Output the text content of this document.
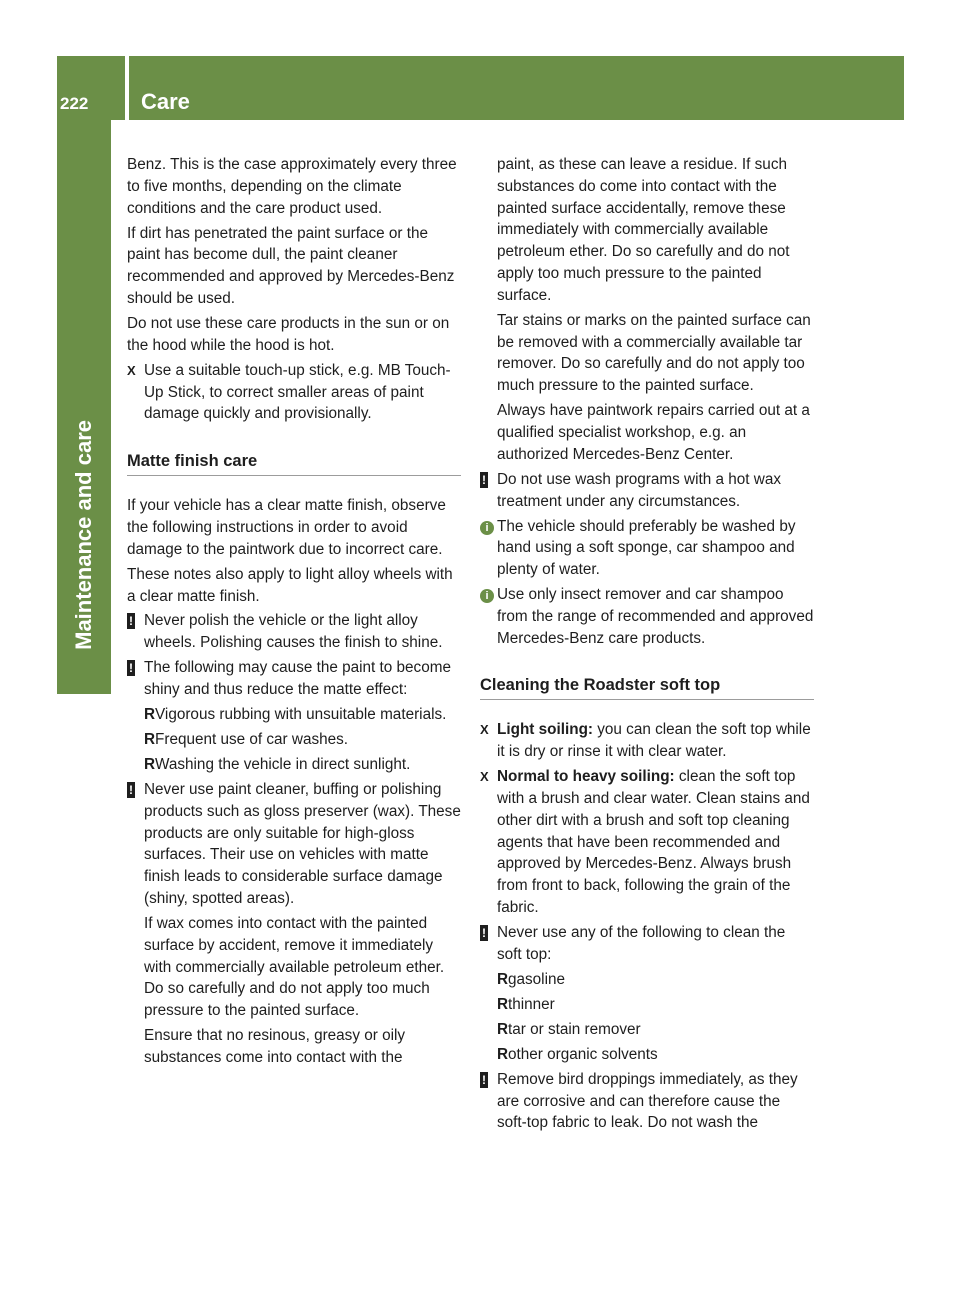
222	Care
Maintenance and care

Benz. This is the case approximately every three to five months, depending on the climate conditions and the care product used.

If dirt has penetrated the paint surface or the paint has become dull, the paint cleaner recommended and approved by Mercedes-Benz should be used.

Do not use these care products in the sun or on the hood while the hood is hot.

X Use a suitable touch-up stick, e.g. MB Touch-Up Stick, to correct smaller areas of paint damage quickly and provisionally.
Matte finish care

If your vehicle has a clear matte finish, observe the following instructions in order to avoid damage to the paintwork due to incorrect care.

These notes also apply to light alloy wheels with a clear matte finish.

! Never polish the vehicle or the light alloy wheels. Polishing causes the finish to shine.
! The following may cause the paint to become shiny and thus reduce the matte effect:
R Vigorous rubbing with unsuitable materials.
R Frequent use of car washes.
R Washing the vehicle in direct sunlight.
! Never use paint cleaner, buffing or polishing products such as gloss preserver (wax). These products are only suitable for high-gloss surfaces. Their use on vehicles with matte finish leads to considerable surface damage (shiny, spotted areas).

If wax comes into contact with the painted surface by accident, remove it immediately with commercially available petroleum ether. Do so carefully and do not apply too much pressure to the painted surface.

Ensure that no resinous, greasy or oily substances come into contact with the

paint, as these can leave a residue. If such substances do come into contact with the painted surface accidentally, remove these immediately with commercially available petroleum ether. Do so carefully and do not apply too much pressure to the painted surface.

Tar stains or marks on the painted surface can be removed with a commercially available tar remover. Do so carefully and do not apply too much pressure to the painted surface.

Always have paintwork repairs carried out at a qualified specialist workshop, e.g. an authorized Mercedes-Benz Center.

! Do not use wash programs with a hot wax treatment under any circumstances.
i The vehicle should preferably be washed by hand using a soft sponge, car shampoo and plenty of water.
i Use only insect remover and car shampoo from the range of recommended and approved Mercedes-Benz care products.
Cleaning the Roadster soft top
X Light soiling: you can clean the soft top while it is dry or rinse it with clear water.
X Normal to heavy soiling: clean the soft top with a brush and clear water. Clean stains and other dirt with a brush and soft top cleaning agents that have been recommended and approved by Mercedes-Benz. Always brush from front to back, following the grain of the fabric.
! Never use any of the following to clean the soft top:
R gasoline
R thinner
R tar or stain remover
R other organic solvents
! Remove bird droppings immediately, as they are corrosive and can therefore cause the soft-top fabric to leak. Do not wash the
